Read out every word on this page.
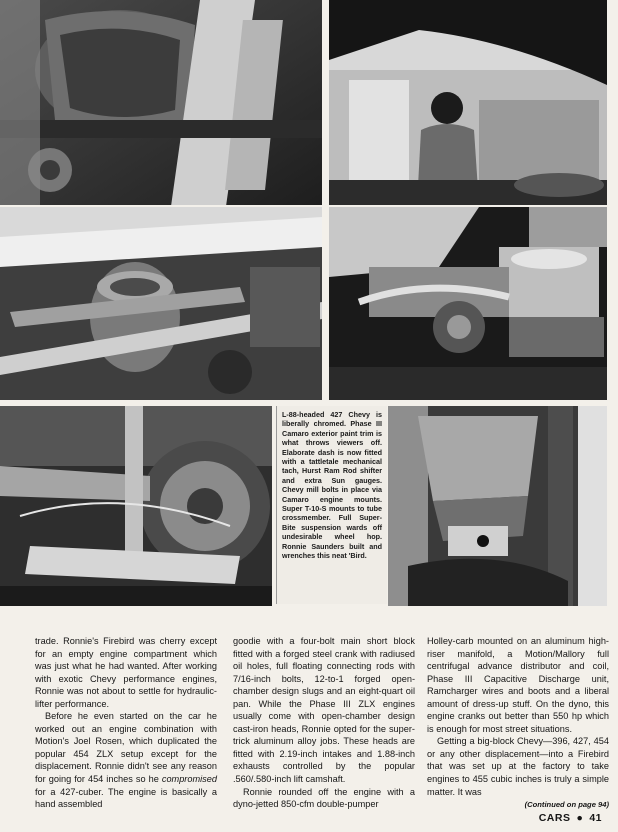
L-88-headed 427 Chevy is liberally chromed. Phase III Camaro exterior paint trim is what throws viewers off. Elaborate dash is now fitted with a tattletale mechanical tach, Hurst Ram Rod shifter and extra Sun gauges. Chevy mill bolts in place via Camaro engine mounts. Super T-10-S mounts to tube crossmember. Full Super-Bite suspension wards off undesirable wheel hop. Ronnie Saunders built and wrenches this neat 'Bird.

trade. Ronnie's Firebird was cherry except for an empty engine compartment which was just what he had wanted. After working with exotic Chevy performance engines, Ronnie was not about to settle for hydraulic-lifter performance.

Before he even started on the car he worked out an engine combination with Motion's Joel Rosen, which duplicated the popular 454 ZLX setup except for the displacement. Ronnie didn't see any reason for going for 454 inches so he compromised for a 427-cuber. The engine is basically a hand assembled

goodie with a four-bolt main short block fitted with a forged steel crank with radiused oil holes, full floating connecting rods with 7/16-inch bolts, 12-to-1 forged open-chamber design slugs and an eight-quart oil pan. While the Phase III ZLX engines usually come with open-chamber design cast-iron heads, Ronnie opted for the super-trick aluminum alloy jobs. These heads are fitted with 2.19-inch intakes and 1.88-inch exhausts controlled by the popular .560/.580-inch lift camshaft.

Ronnie rounded off the engine with a dyno-jetted 850-cfm double-pumper

Holley-carb mounted on an aluminum high-riser manifold, a Motion/Mallory full centrifugal advance distributor and coil, Phase III Capacitive Discharge unit, Ramcharger wires and boots and a liberal amount of dress-up stuff. On the dyno, this engine cranks out better than 550 hp which is enough for most street situations.

Getting a big-block Chevy—396, 427, 454 or any other displacement—into a Firebird that was set up at the factory to take engines to 455 cubic inches is truly a simple matter. It was

(Continued on page 94)
CARS ● 41
